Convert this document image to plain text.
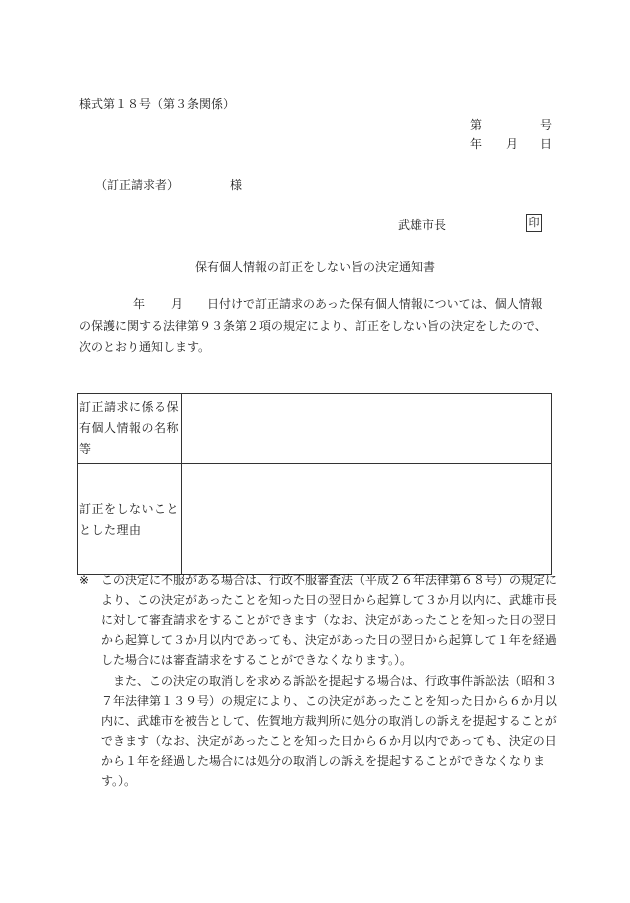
様式第１８号（第３条関係）
第	号
年 月 日
（訂正請求者）	様
武雄市長	印
保有個人情報の訂正をしない旨の決定通知書
年 月 日付けで訂正請求のあった保有個人情報については、個人情報の保護に関する法律第９３条第２項の規定により、訂正をしない旨の決定をしたので、次のとおり通知します。
訂正請求に係る保有個人情報の名称等	
訂正をしないこととした理由	
※ この決定に不服がある場合は、行政不服審査法（平成２６年法律第６８号）の規定により、この決定があったことを知った日の翌日から起算して３か月以内に、武雄市長に対して審査請求をすることができます（なお、決定があったことを知った日の翌日から起算して３か月以内であっても、決定があった日の翌日から起算して１年を経過した場合には審査請求をすることができなくなります。）。
また、この決定の取消しを求める訴訟を提起する場合は、行政事件訴訟法（昭和３７年法律第１３９号）の規定により、この決定があったことを知った日から６か月以内に、武雄市を被告として、佐賀地方裁判所に処分の取消しの訴えを提起することができます（なお、決定があったことを知った日から６か月以内であっても、決定の日から１年を経過した場合には処分の取消しの訴えを提起することができなくなります。）。
